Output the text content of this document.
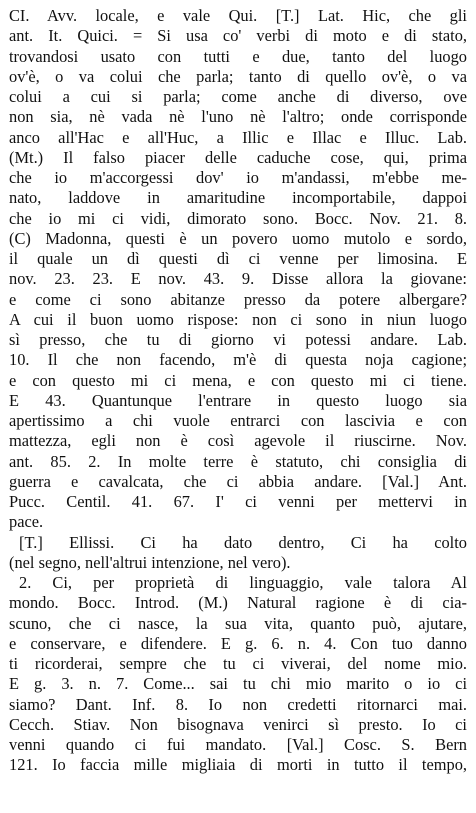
CI. Avv. locale, e vale Qui. [T.] Lat. Hic, che gli
ant. It. Quici. = Si usa co' verbi di moto e di stato,
trovandosi usato con tutti e due, tanto del luogo
ov'è, o va colui che parla; tanto di quello ov'è, o va
colui a cui si parla; come anche di diverso, ove
non sia, nè vada nè l'uno nè l'altro; onde corrisponde
anco all'Hac e all'Huc, a Illic e Illac e Illuc. Lab.
(Mt.) Il falso piacer delle caduche cose, qui, prima
che io m'accorgessi dov' io m'andassi, m'ebbe me-
nato, laddove in amaritudine incomportabile, dappoi
che io mi ci vidi, dimorato sono. Bocc. Nov. 21. 8.
(C) Madonna, questi è un povero uomo mutolo e sordo,
il quale un dì questi dì ci venne per limosina. E
nov. 23. 23. E nov. 43. 9. Disse allora la giovane:
e come ci sono abitanze presso da potere albergare?
A cui il buon uomo rispose: non ci sono in niun luogo
sì presso, che tu di giorno vi potessi andare. Lab.
10. Il che non facendo, m'è di questa noja cagione;
e con questo mi ci mena, e con questo mi ci tiene.
E 43. Quantunque l'entrare in questo luogo sia
apertissimo a chi vuole entrarci con lascivia e con
mattezza, egli non è così agevole il riuscirne. Nov.
ant. 85. 2. In molte terre è statuto, chi consiglia di
guerra e cavalcata, che ci abbia andare. [Val.] Ant.
Pucc. Centil. 41. 67. I' ci venni per mettervi in
pace.
[T.] Ellissi. Ci ha dato dentro, Ci ha colto
(nel segno, nell'altrui intenzione, nel vero).
2. Ci, per proprietà di linguaggio, vale talora Al
mondo. Bocc. Introd. (M.) Natural ragione è di cia-
scuno, che ci nasce, la sua vita, quanto può, ajutare,
e conservare, e difendere. E g. 6. n. 4. Con tuo danno
ti ricorderai, sempre che tu ci viverai, del nome mio.
E g. 3. n. 7. Come... sai tu chi mio marito o io ci
siamo? Dant. Inf. 8. Io non credetti ritornarci mai.
Cecch. Stiav. Non bisognava venirci sì presto. Io ci
venni quando ci fui mandato. [Val.] Cosc. S. Bern
121. Io faccia mille migliaia di morti in tutto il tempo,
